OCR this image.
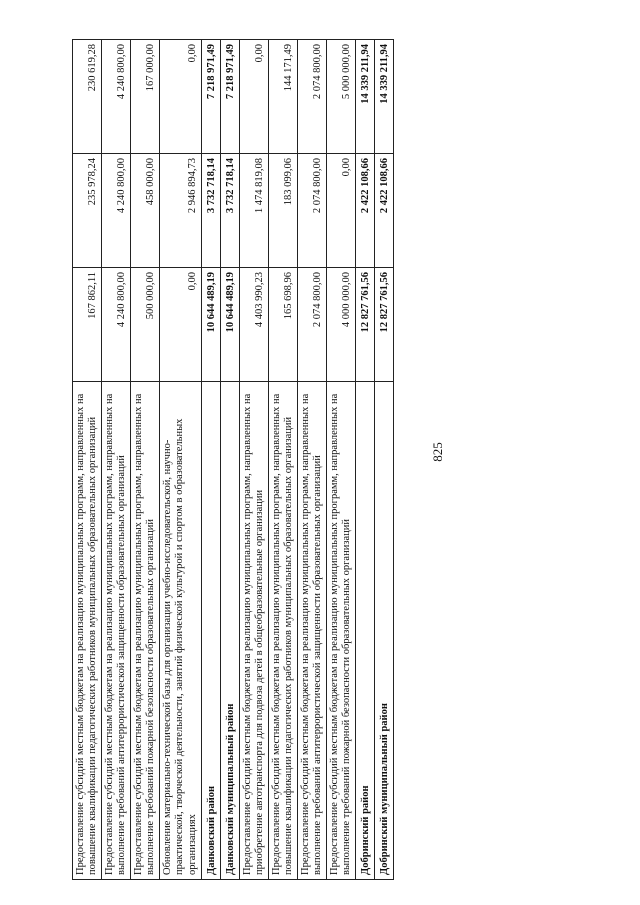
825
Предоставление субсидий местным бюджетам на реализацию муниципальных программ, направленных на повышение квалификации педагогических работников муниципальных образовательных организаций	167 862,11	235 978,24	230 619,28
Предоставление субсидий местным бюджетам на реализацию муниципальных программ, направленных на выполнение требований антитеррористической защищенности образовательных организаций	4 240 800,00	4 240 800,00	4 240 800,00
Предоставление субсидий местным бюджетам на реализацию муниципальных программ, направленных на выполнение требований пожарной безопасности образовательных организаций	500 000,00	458 000,00	167 000,00
Обновление материально-технической базы для организации учебно-исследовательской, научно-практической, творческой деятельности, занятий физической культурой и спортом в образовательных организациях	0,00	2 946 894,73	0,00
Данковский район	10 644 489,19	3 732 718,14	7 218 971,49
Данковский муниципальный район	10 644 489,19	3 732 718,14	7 218 971,49
Предоставление субсидий местным бюджетам на реализацию муниципальных программ, направленных на приобретение автотранспорта для подвоза детей в общеобразовательные организации	4 403 990,23	1 474 819,08	0,00
Предоставление субсидий местным бюджетам на реализацию муниципальных программ, направленных на повышение квалификации педагогических работников муниципальных образовательных организаций	165 698,96	183 099,06	144 171,49
Предоставление субсидий местным бюджетам на реализацию муниципальных программ, направленных на выполнение требований антитеррористической защищенности образовательных организаций	2 074 800,00	2 074 800,00	2 074 800,00
Предоставление субсидий местным бюджетам на реализацию муниципальных программ, направленных на выполнение требований пожарной безопасности образовательных организаций	4 000 000,00	0,00	5 000 000,00
Добринский район	12 827 761,56	2 422 108,66	14 339 211,94
Добринский муниципальный район	12 827 761,56	2 422 108,66	14 339 211,94
